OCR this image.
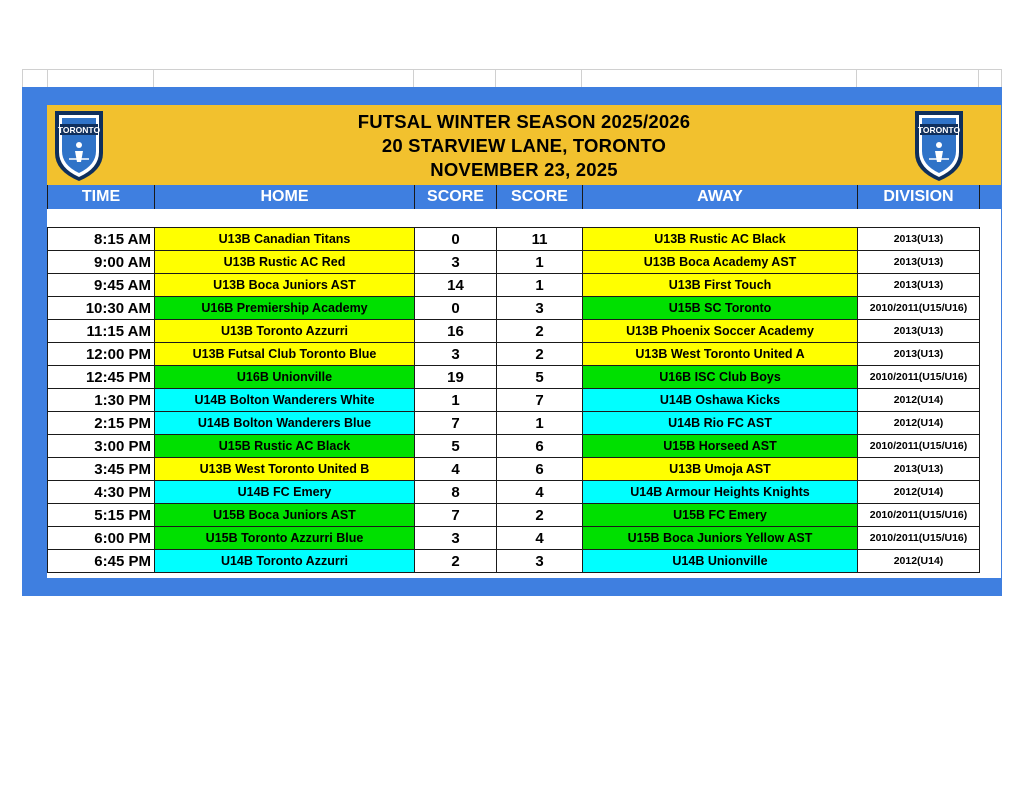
FUTSAL WINTER SEASON 2025/2026
20 STARVIEW LANE, TORONTO
NOVEMBER 23, 2025
TORONTO	TORONTO
TIME	HOME	SCORE	SCORE	AWAY	DIVISION
8:15 AM	U13B Canadian Titans	0	11	U13B Rustic AC Black	2013(U13)
9:00 AM	U13B Rustic AC Red	3	1	U13B Boca Academy AST	2013(U13)
9:45 AM	U13B Boca Juniors AST	14	1	U13B First Touch	2013(U13)
10:30 AM	U16B Premiership Academy	0	3	U15B SC Toronto	2010/2011(U15/U16)
11:15 AM	U13B Toronto Azzurri	16	2	U13B Phoenix Soccer Academy	2013(U13)
12:00 PM	U13B Futsal Club Toronto Blue	3	2	U13B West Toronto United A	2013(U13)
12:45 PM	U16B Unionville	19	5	U16B ISC Club Boys	2010/2011(U15/U16)
1:30 PM	U14B Bolton Wanderers White	1	7	U14B Oshawa Kicks	2012(U14)
2:15 PM	U14B Bolton Wanderers Blue	7	1	U14B Rio FC AST	2012(U14)
3:00 PM	U15B Rustic AC Black	5	6	U15B Horseed AST	2010/2011(U15/U16)
3:45 PM	U13B West Toronto United B	4	6	U13B Umoja AST	2013(U13)
4:30 PM	U14B FC Emery	8	4	U14B Armour Heights Knights	2012(U14)
5:15 PM	U15B Boca Juniors AST	7	2	U15B FC Emery	2010/2011(U15/U16)
6:00 PM	U15B Toronto Azzurri Blue	3	4	U15B Boca Juniors Yellow AST	2010/2011(U15/U16)
6:45 PM	U14B Toronto Azzurri	2	3	U14B Unionville	2012(U14)
